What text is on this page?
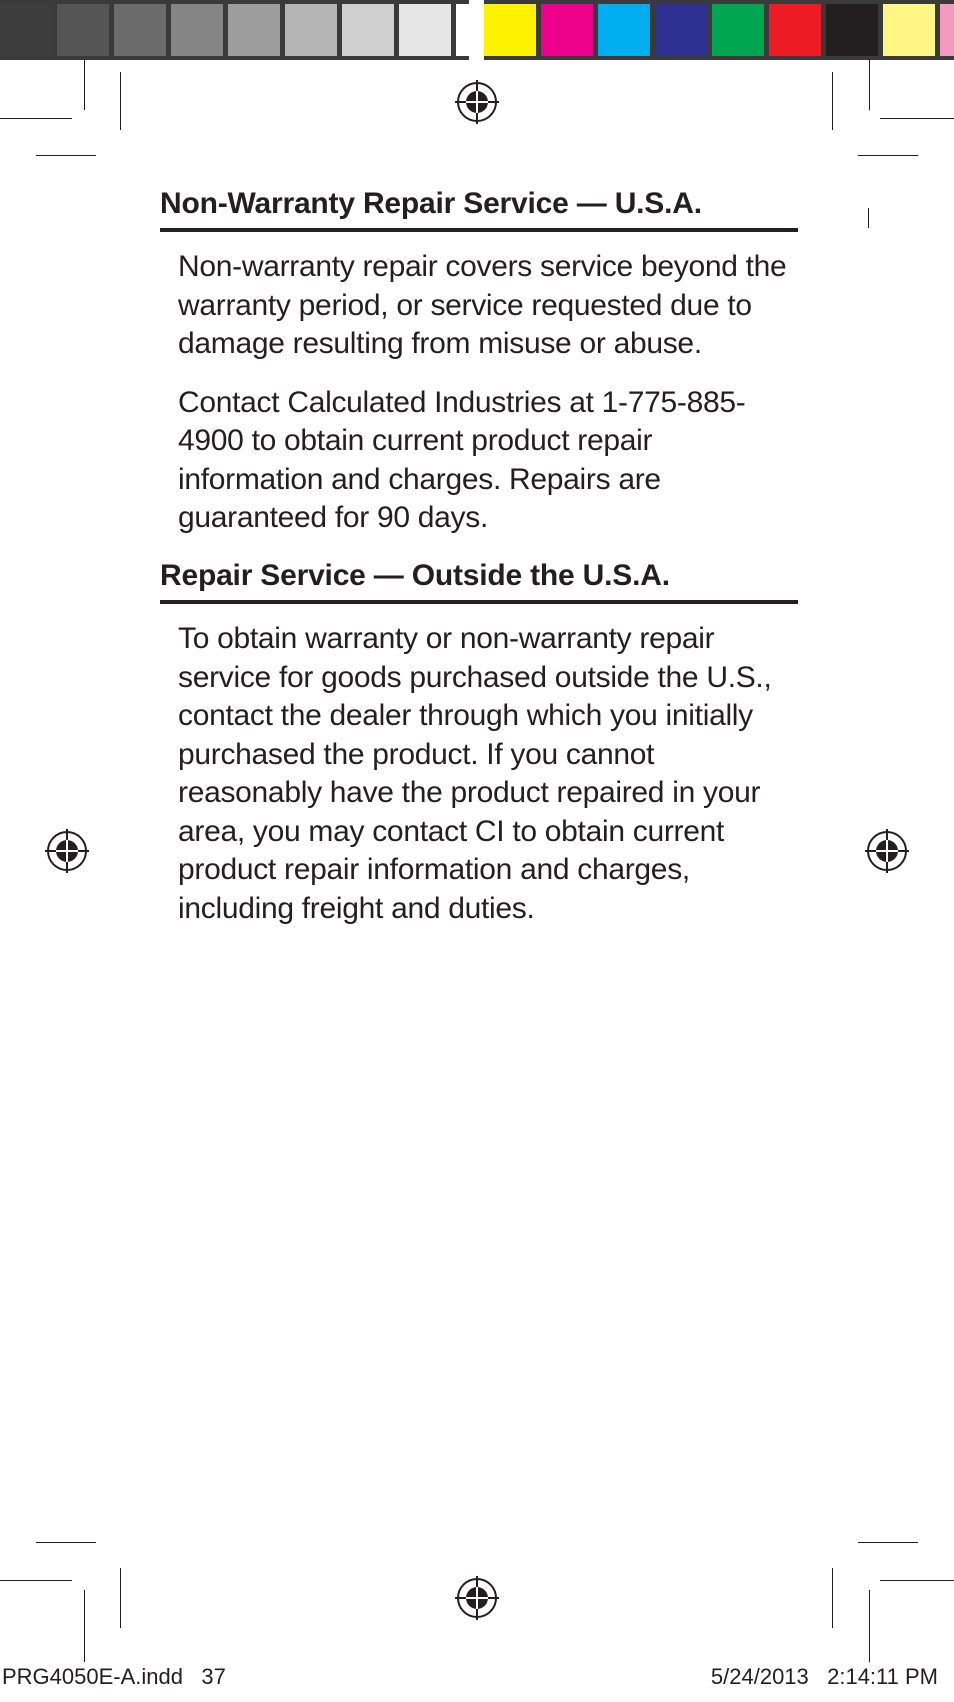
Non-Warranty Repair Service — U.S.A.

Non-warranty repair covers service beyond the warranty period, or service requested due to damage resulting from misuse or abuse.

Contact Calculated Industries at 1-775-885-4900 to obtain current product repair information and charges. Repairs are guaranteed for 90 days.

Repair Service — Outside the U.S.A.

To obtain warranty or non-warranty repair service for goods purchased outside the U.S., contact the dealer through which you initially purchased the product. If you cannot reasonably have the product repaired in your area, you may contact CI to obtain current product repair information and charges, including freight and duties.

PRG4050E-A.indd   37	5/24/2013   2:14:11 PM
